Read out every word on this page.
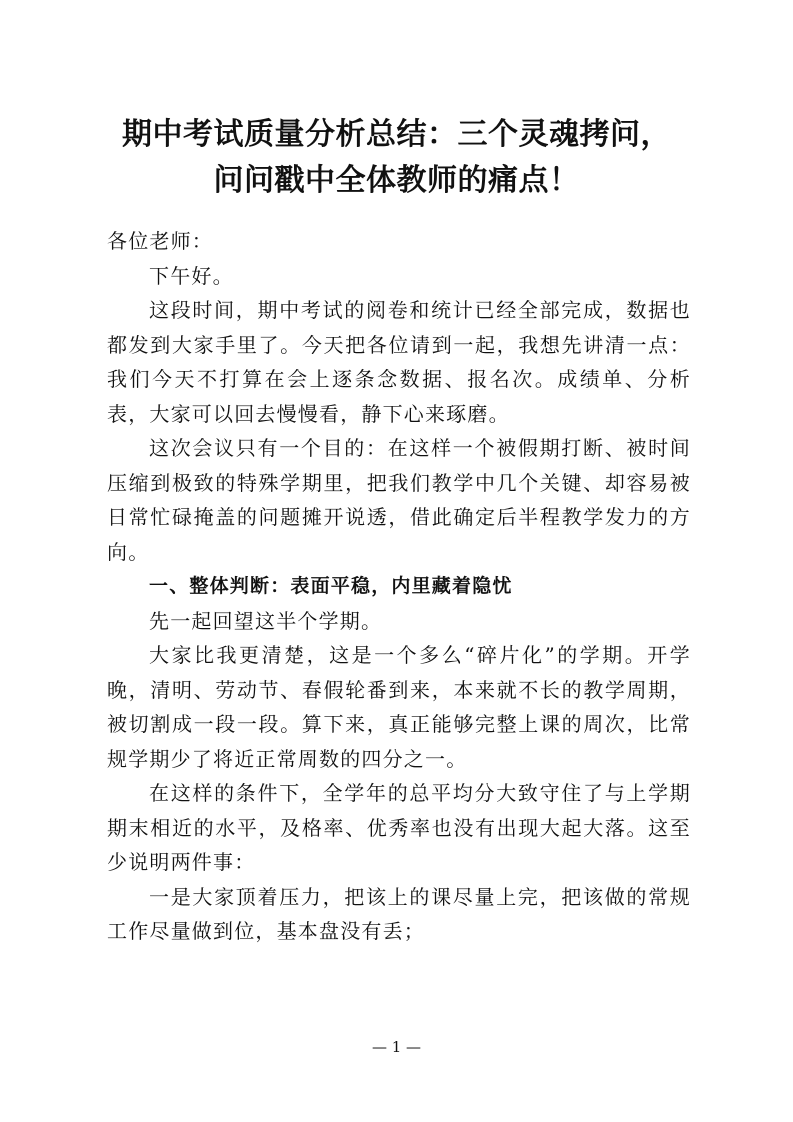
期中考试质量分析总结：三个灵魂拷问，
问问戳中全体教师的痛点！

各位老师：

下午好。

这段时间，期中考试的阅卷和统计已经全部完成，数据也都发到大家手里了。今天把各位请到一起，我想先讲清一点：我们今天不打算在会上逐条念数据、报名次。成绩单、分析表，大家可以回去慢慢看，静下心来琢磨。

这次会议只有一个目的：在这样一个被假期打断、被时间压缩到极致的特殊学期里，把我们教学中几个关键、却容易被日常忙碌掩盖的问题摊开说透，借此确定后半程教学发力的方向。

一、整体判断：表面平稳，内里藏着隐忧

先一起回望这半个学期。

大家比我更清楚，这是一个多么“碎片化”的学期。开学晚，清明、劳动节、春假轮番到来，本来就不长的教学周期，被切割成一段一段。算下来，真正能够完整上课的周次，比常规学期少了将近正常周数的四分之一。

在这样的条件下，全学年的总平均分大致守住了与上学期期末相近的水平，及格率、优秀率也没有出现大起大落。这至少说明两件事：

一是大家顶着压力，把该上的课尽量上完，把该做的常规工作尽量做到位，基本盘没有丢；

— 1 —
